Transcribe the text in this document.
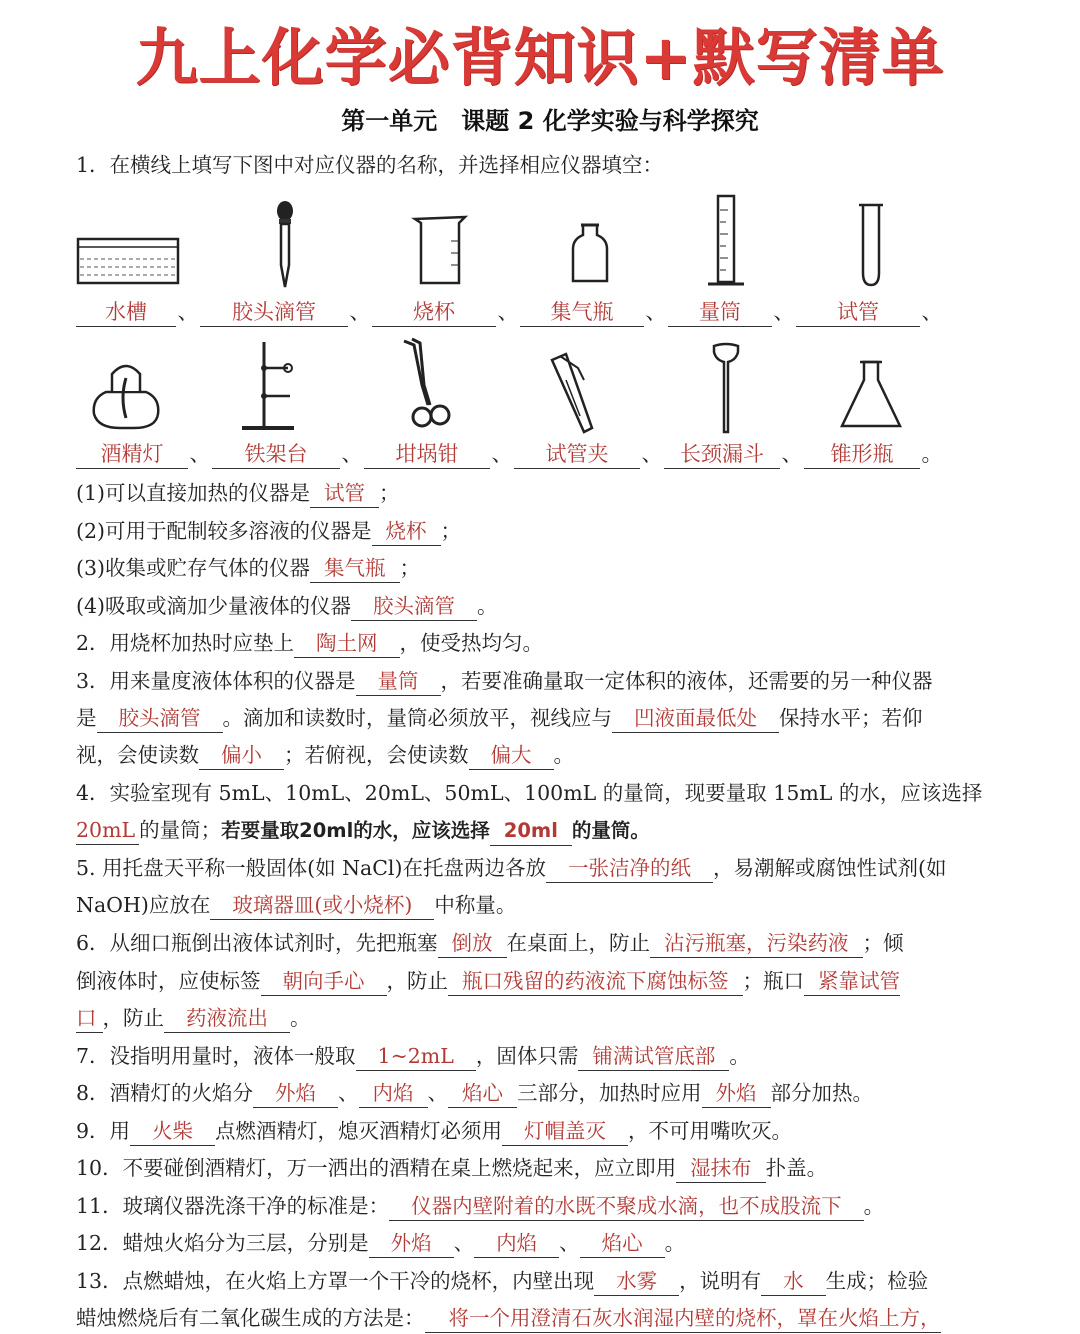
九上化学必背知识+默写清单
第一单元　课题 2 化学实验与科学探究
1．在横线上填写下图中对应仪器的名称，并选择相应仪器填空：
水槽 、 胶头滴管 、 烧杯 、 集气瓶 、 量筒 、 试管 、
酒精灯 、 铁架台 、 坩埚钳 、 试管夹 、 长颈漏斗 、 锥形瓶 。
(1)可以直接加热的仪器是 试管 ；
(2)可用于配制较多溶液的仪器是 烧杯 ；
(3)收集或贮存气体的仪器 集气瓶 ；
(4)吸取或滴加少量液体的仪器 胶头滴管 。
2．用烧杯加热时应垫上 陶土网 ，使受热均匀。
3．用来量度液体体积的仪器是 量筒 ，若要准确量取一定体积的液体，还需要的另一种仪器
是 胶头滴管 。滴加和读数时，量筒必须放平，视线应与 凹液面最低处 保持水平；若仰
视，会使读数 偏小 ；若俯视，会使读数 偏大 。
4．实验室现有 5mL、10mL、20mL、50mL、100mL 的量筒，现要量取 15mL 的水，应该选择
20mL 的量筒；若要量取20ml的水，应该选择 20ml 的量筒。
5. 用托盘天平称一般固体(如 NaCl)在托盘两边各放 一张洁净的纸 ，易潮解或腐蚀性试剂(如
NaOH)应放在 玻璃器皿(或小烧杯) 中称量。
6．从细口瓶倒出液体试剂时，先把瓶塞 倒放 在桌面上，防止 沾污瓶塞，污染药液 ；倾
倒液体时，应使标签 朝向手心 ，防止 瓶口残留的药液流下腐蚀标签 ；瓶口 紧靠试管
口 ，防止 药液流出 。
7．没指明用量时，液体一般取 1~2mL ，固体只需 铺满试管底部 。
8．酒精灯的火焰分 外焰 、 内焰 、 焰心 三部分，加热时应用 外焰 部分加热。
9．用 火柴 点燃酒精灯，熄灭酒精灯必须用 灯帽盖灭 ，不可用嘴吹灭。
10．不要碰倒酒精灯，万一洒出的酒精在桌上燃烧起来，应立即用 湿抹布 扑盖。
11．玻璃仪器洗涤干净的标准是： 仪器内壁附着的水既不聚成水滴，也不成股流下 。
12．蜡烛火焰分为三层，分别是 外焰 、 内焰 、 焰心 。
13．点燃蜡烛，在火焰上方罩一个干冷的烧杯，内壁出现 水雾 ，说明有 水 生成；检验
蜡烛燃烧后有二氧化碳生成的方法是： 将一个用澄清石灰水润湿内壁的烧杯，罩在火焰上方，
